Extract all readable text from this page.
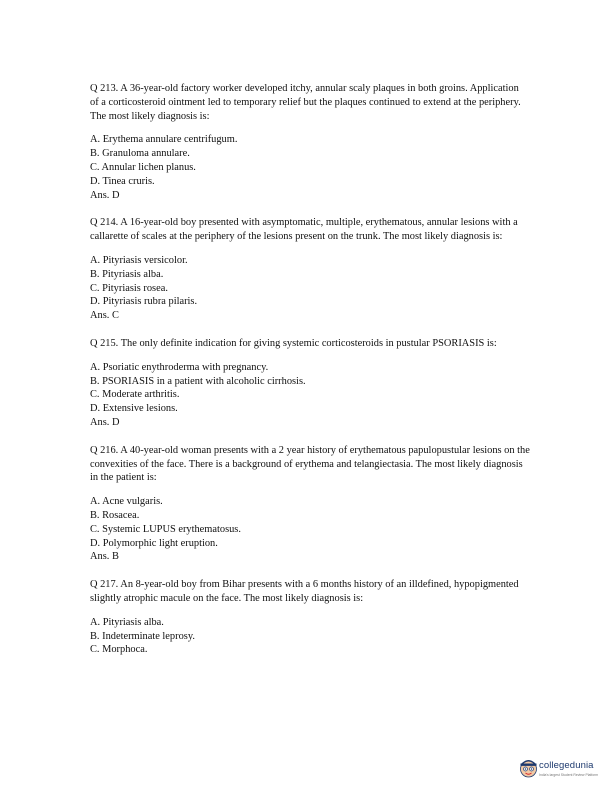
Q 213. A 36-year-old factory worker developed itchy, annular scaly plaques in both groins. Application of a corticosteroid ointment led to temporary relief but the plaques continued to extend at the periphery. The most likely diagnosis is:

A. Erythema annulare centrifugum.
B. Granuloma annulare.
C. Annular lichen planus.
D. Tinea cruris.
Ans. D

Q 214. A 16-year-old boy presented with asymptomatic, multiple, erythematous, annular lesions with a callarette of scales at the periphery of the lesions present on the trunk. The most likely diagnosis is:

A. Pityriasis versicolor.
B. Pityriasis alba.
C. Pityriasis rosea.
D. Pityriasis rubra pilaris.
Ans. C

Q 215. The only definite indication for giving systemic corticosteroids in pustular PSORIASIS is:

A. Psoriatic enythroderma with pregnancy.
B. PSORIASIS in a patient with alcoholic cirrhosis.
C. Moderate arthritis.
D. Extensive lesions.
Ans. D

Q 216. A 40-year-old woman presents with a 2 year history of erythematous papulopustular lesions on the convexities of the face. There is a background of erythema and telangiectasia. The most likely diagnosis in the patient is:

A. Acne vulgaris.
B. Rosacea.
C. Systemic LUPUS erythematosus.
D. Polymorphic light eruption.
Ans. B

Q 217. An 8-year-old boy from Bihar presents with a 6 months history of an illdefined, hypopigmented slightly atrophic macule on the face. The most likely diagnosis is:

A. Pityriasis alba.
B. Indeterminate leprosy.
C. Morphoca.
collegedunia
India's largest Student Review Platform
